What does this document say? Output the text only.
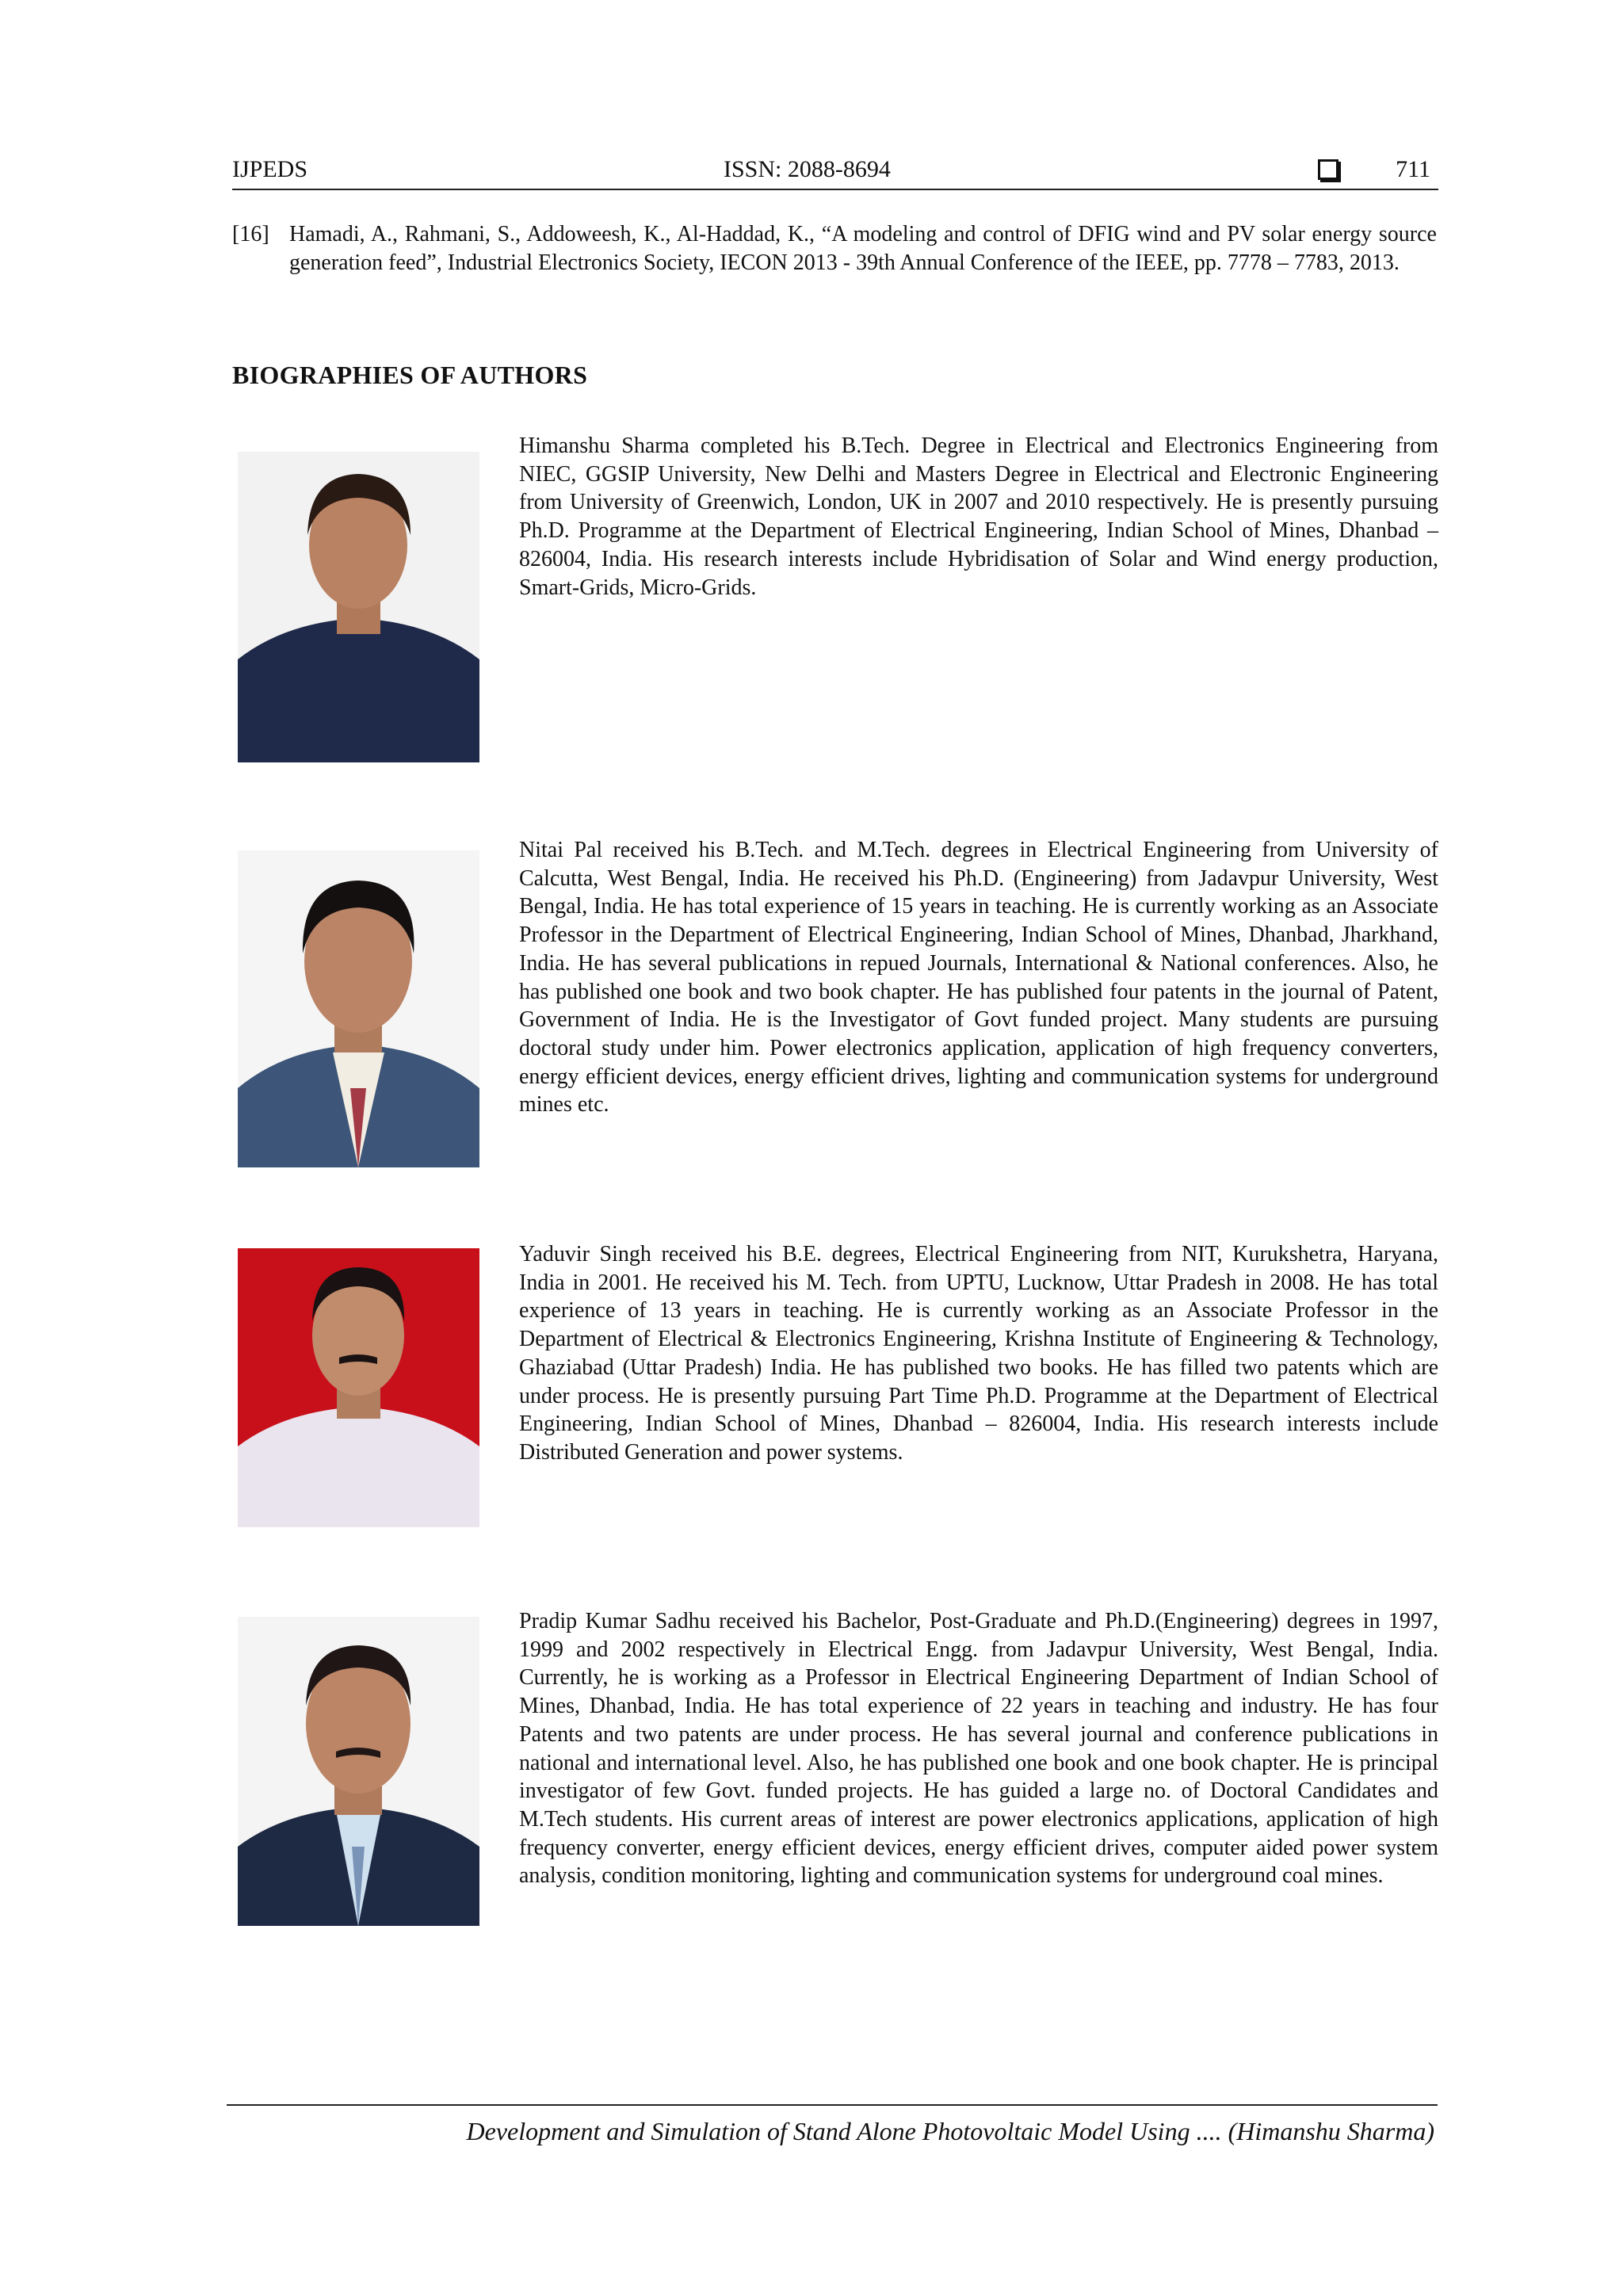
IJPEDS	ISSN: 2088-8694	711
[16] Hamadi, A., Rahmani, S., Addoweesh, K., Al-Haddad, K., “A modeling and control of DFIG wind and PV solar energy source generation feed”, Industrial Electronics Society, IECON 2013 - 39th Annual Conference of the IEEE, pp. 7778 – 7783, 2013.
BIOGRAPHIES OF AUTHORS
Himanshu Sharma completed his B.Tech. Degree in Electrical and Electronics Engineering from NIEC, GGSIP University, New Delhi and Masters Degree in Electrical and Electronic Engineering from University of Greenwich, London, UK in 2007 and 2010 respectively. He is presently pursuing Ph.D. Programme at the Department of Electrical Engineering, Indian School of Mines, Dhanbad – 826004, India. His research interests include Hybridisation of Solar and Wind energy production, Smart-Grids, Micro-Grids.
Nitai Pal received his B.Tech. and M.Tech. degrees in Electrical Engineering from University of Calcutta, West Bengal, India. He received his Ph.D. (Engineering) from Jadavpur University, West Bengal, India. He has total experience of 15 years in teaching. He is currently working as an Associate Professor in the Department of Electrical Engineering, Indian School of Mines, Dhanbad, Jharkhand, India. He has several publications in repued Journals, International & National conferences. Also, he has published one book and two book chapter. He has published four patents in the journal of Patent, Government of India. He is the Investigator of Govt funded project. Many students are pursuing doctoral study under him. Power electronics application, application of high frequency converters, energy efficient devices, energy efficient drives, lighting and communication systems for underground mines etc.
Yaduvir Singh received his B.E. degrees, Electrical Engineering from NIT, Kurukshetra, Haryana, India in 2001. He received his M. Tech. from UPTU, Lucknow, Uttar Pradesh in 2008. He has total experience of 13 years in teaching. He is currently working as an Associate Professor in the Department of Electrical & Electronics Engineering, Krishna Institute of Engineering & Technology, Ghaziabad (Uttar Pradesh) India. He has published two books. He has filled two patents which are under process. He is presently pursuing Part Time Ph.D. Programme at the Department of Electrical Engineering, Indian School of Mines, Dhanbad – 826004, India. His research interests include Distributed Generation and power systems.
Pradip Kumar Sadhu received his Bachelor, Post-Graduate and Ph.D.(Engineering) degrees in 1997, 1999 and 2002 respectively in Electrical Engg. from Jadavpur University, West Bengal, India. Currently, he is working as a Professor in Electrical Engineering Department of Indian School of Mines, Dhanbad, India. He has total experience of 22 years in teaching and industry. He has four Patents and two patents are under process. He has several journal and conference publications in national and international level. Also, he has published one book and one book chapter. He is principal investigator of few Govt. funded projects. He has guided a large no. of Doctoral Candidates and M.Tech students. His current areas of interest are power electronics applications, application of high frequency converter, energy efficient devices, energy efficient drives, computer aided power system analysis, condition monitoring, lighting and communication systems for underground coal mines.
Development and Simulation of Stand Alone Photovoltaic Model Using .... (Himanshu Sharma)
